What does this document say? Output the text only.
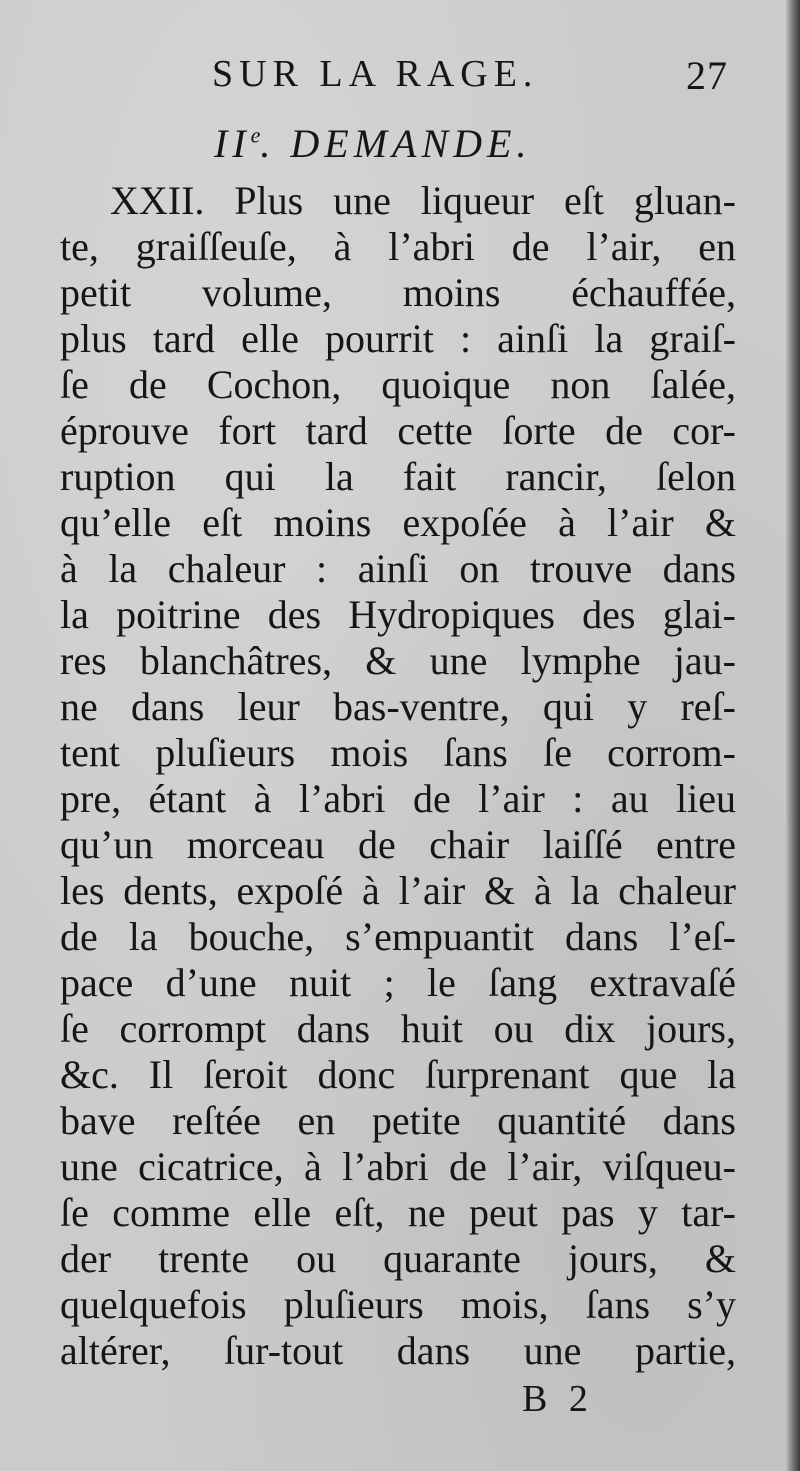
SUR LA RAGE.	27
IIe. DEMANDE.
XXII. Plus une liqueur eſt gluan-
te, graiſſeuſe, à l’abri de l’air, en
petit volume, moins échauffée,
plus tard elle pourrit : ainſi la graiſ-
ſe de Cochon, quoique non ſalée,
éprouve fort tard cette ſorte de cor-
ruption qui la fait rancir, ſelon
qu’elle eſt moins expoſée à l’air &
à la chaleur : ainſi on trouve dans
la poitrine des Hydropiques des glai-
res blanchâtres, & une lymphe jau-
ne dans leur bas-ventre, qui y reſ-
tent pluſieurs mois ſans ſe corrom-
pre, étant à l’abri de l’air : au lieu
qu’un morceau de chair laiſſé entre
les dents, expoſé à l’air & à la chaleur
de la bouche, s’empuantit dans l’eſ-
pace d’une nuit ; le ſang extravaſé
ſe corrompt dans huit ou dix jours,
&c. Il ſeroit donc ſurprenant que la
bave reſtée en petite quantité dans
une cicatrice, à l’abri de l’air, viſqueu-
ſe comme elle eſt, ne peut pas y tar-
der trente ou quarante jours, &
quelquefois pluſieurs mois, ſans s’y
altérer, ſur-tout dans une partie,
B 2
